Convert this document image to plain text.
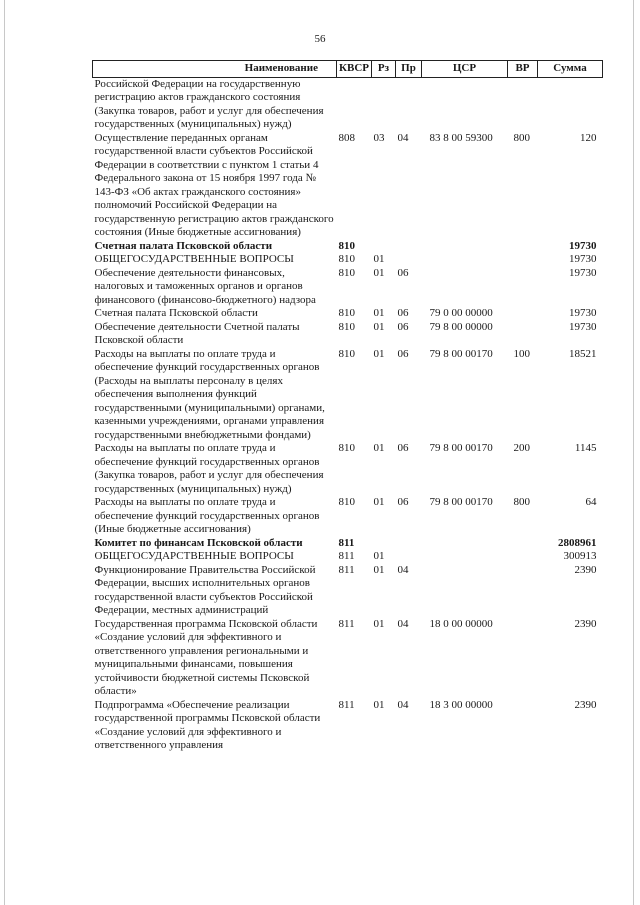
56
Наименование	КВСР	Рз	Пр	ЦСР	ВР	Сумма
Российской Федерации на государственную регистрацию актов гражданского состояния (Закупка товаров, работ и услуг для обеспечения государственных (муниципальных) нужд)						
Осуществление переданных органам государственной власти субъектов Российской Федерации в соответствии с пунктом 1 статьи 4 Федерального закона от 15 ноября 1997 года № 143-ФЗ «Об актах гражданского состояния» полномочий Российской Федерации на государственную регистрацию актов гражданского состояния (Иные бюджетные ассигнования)	808	03	04	83 8 00 59300	800	120
Счетная палата Псковской области	810					19730
ОБЩЕГОСУДАРСТВЕННЫЕ ВОПРОСЫ	810	01				19730
Обеспечение деятельности финансовых, налоговых и таможенных органов и органов финансового (финансово-бюджетного) надзора	810	01	06			19730
Счетная палата Псковской области	810	01	06	79 0 00 00000		19730
Обеспечение деятельности Счетной палаты Псковской области	810	01	06	79 8 00 00000		19730
Расходы на выплаты по оплате труда и обеспечение функций государственных органов (Расходы на выплаты персоналу в целях обеспечения выполнения функций государственными (муниципальными) органами, казенными учреждениями, органами управления государственными внебюджетными фондами)	810	01	06	79 8 00 00170	100	18521
Расходы на выплаты по оплате труда и обеспечение функций государственных органов (Закупка товаров, работ и услуг для обеспечения государственных (муниципальных) нужд)	810	01	06	79 8 00 00170	200	1145
Расходы на выплаты по оплате труда и обеспечение функций государственных органов (Иные бюджетные ассигнования)	810	01	06	79 8 00 00170	800	64
Комитет по финансам Псковской области	811					2808961
ОБЩЕГОСУДАРСТВЕННЫЕ ВОПРОСЫ	811	01				300913
Функционирование Правительства Российской Федерации, высших исполнительных органов государственной власти субъектов Российской Федерации, местных администраций	811	01	04			2390
Государственная программа Псковской области «Создание условий для эффективного и ответственного управления региональными и муниципальными финансами, повышения устойчивости бюджетной системы Псковской области»	811	01	04	18 0 00 00000		2390
Подпрограмма «Обеспечение реализации государственной программы Псковской области «Создание условий для эффективного и ответственного управления	811	01	04	18 3 00 00000		2390
